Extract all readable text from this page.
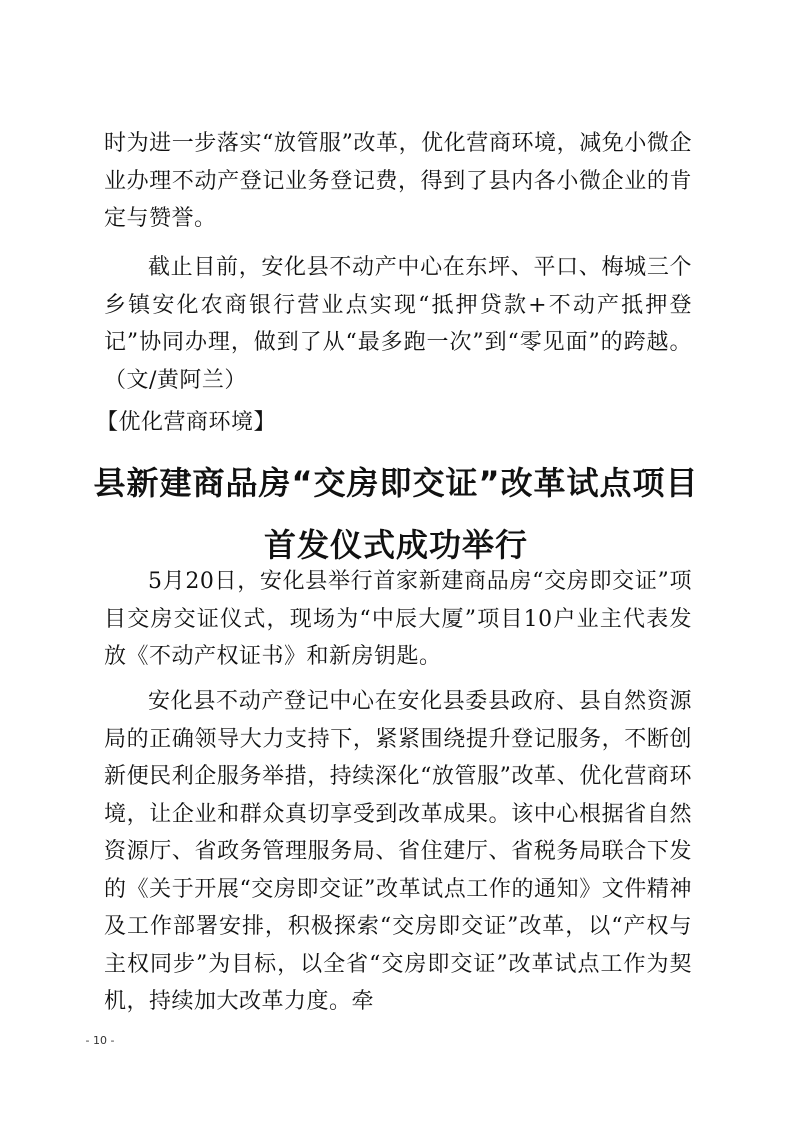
时为进一步落实“放管服”改革，优化营商环境，减免小微企业办理不动产登记业务登记费，得到了县内各小微企业的肯定与赞誉。

截止目前，安化县不动产中心在东坪、平口、梅城三个乡镇安化农商银行营业点实现“抵押贷款+不动产抵押登记”协同办理，做到了从“最多跑一次”到“零见面”的跨越。（文/黄阿兰）

【优化营商环境】

县新建商品房“交房即交证”改革试点项目
首发仪式成功举行

5月20日，安化县举行首家新建商品房“交房即交证”项目交房交证仪式，现场为“中辰大厦”项目10户业主代表发放《不动产权证书》和新房钥匙。

安化县不动产登记中心在安化县委县政府、县自然资源局的正确领导大力支持下，紧紧围绕提升登记服务，不断创新便民利企服务举措，持续深化“放管服”改革、优化营商环境，让企业和群众真切享受到改革成果。该中心根据省自然资源厅、省政务管理服务局、省住建厅、省税务局联合下发的《关于开展“交房即交证”改革试点工作的通知》文件精神及工作部署安排，积极探索“交房即交证”改革，以“产权与主权同步”为目标，以全省“交房即交证”改革试点工作为契机，持续加大改革力度。牵

- 10 -
